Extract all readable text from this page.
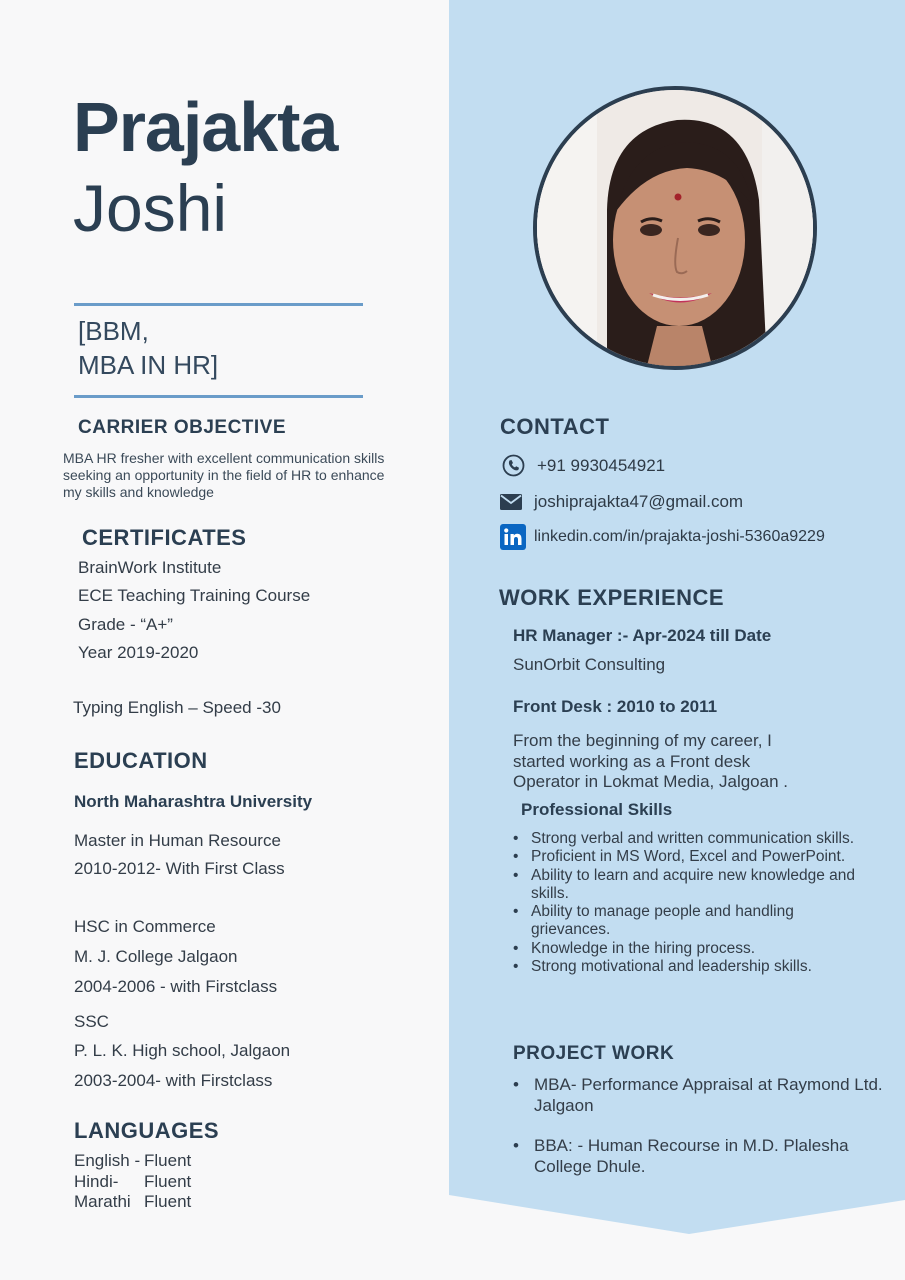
Prajakta
Joshi
[BBM,
MBA IN HR]
CARRIER OBJECTIVE
MBA HR fresher with excellent communication skills
seeking an opportunity in the field of HR to enhance
my skills and knowledge
CERTIFICATES
BrainWork Institute
ECE Teaching Training Course
Grade - “A+”
Year 2019-2020
Typing English – Speed -30
EDUCATION
North Maharashtra University
Master in Human Resource
2010-2012- With First Class
HSC in Commerce
M. J. College Jalgaon
2004-2006 - with Firstclass
SSC
P. L. K. High school, Jalgaon
2003-2004- with Firstclass
LANGUAGES
English - Fluent
Hindi- Fluent
Marathi Fluent
CONTACT
+91 9930454921
joshiprajakta47@gmail.com
linkedin.com/in/prajakta-joshi-5360a9229
WORK EXPERIENCE
HR Manager :- Apr-2024 till Date
SunOrbit Consulting
Front Desk : 2010 to 2011
From the beginning of my career, I
started working as a Front desk
Operator in Lokmat Media, Jalgoan .
Professional Skills
• Strong verbal and written communication skills.
• Proficient in MS Word, Excel and PowerPoint.
• Ability to learn and acquire new knowledge and skills.
• Ability to manage people and handling grievances.
• Knowledge in the hiring process.
• Strong motivational and leadership skills.
PROJECT WORK
• MBA- Performance Appraisal at Raymond Ltd. Jalgaon
• BBA: - Human Recourse in M.D. Plalesha College Dhule.
